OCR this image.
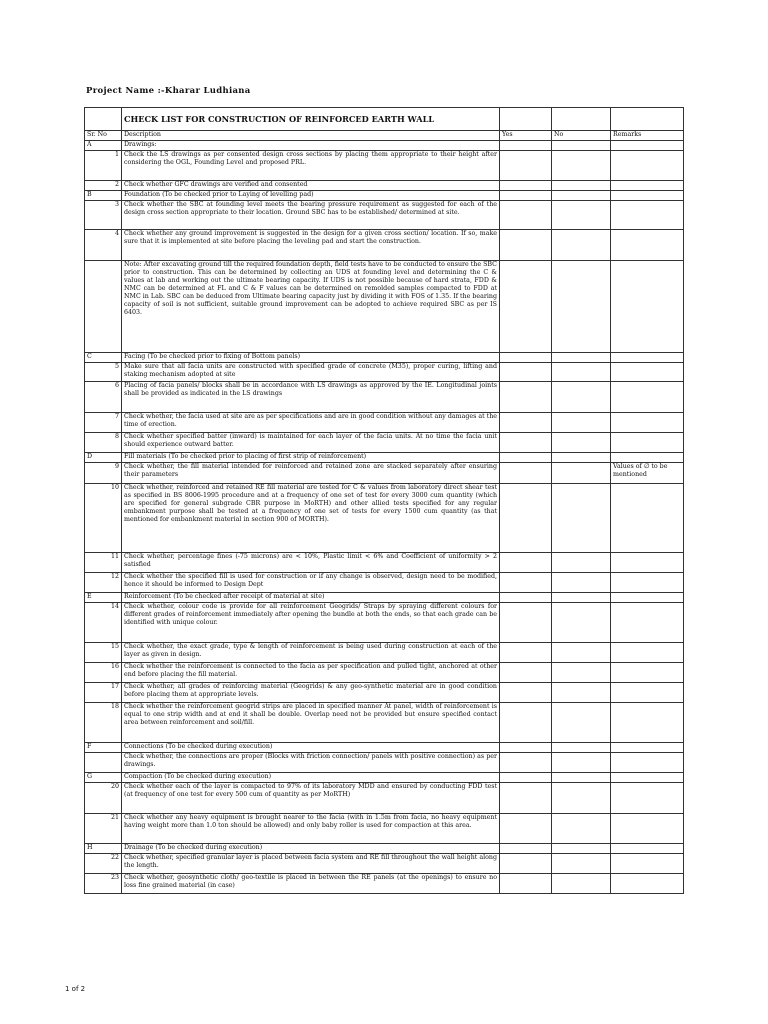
Project Name :-Kharar Ludhiana
	CHECK LIST FOR CONSTRUCTION OF REINFORCED EARTH WALL			
Sr. No	Description	Yes	No	Remarks
A	Drawings:			
1	Check the LS drawings as per consented design cross sections by placing them appropriate to their height after considering the OGL, Founding Level and proposed PRL.			
2	Check whether GFC drawings are verified and consented			
B	Foundation (To be checked prior to Laying of levelling pad)			
3	Check whether the SBC at founding level meets the bearing pressure requirement as suggested for each of the design cross section appropriate to their location. Ground SBC has to be established/ determined at site.			
4	Check whether any ground improvement is suggested in the design for a given cross section/ location. If so, make sure that it is implemented at site before placing the leveling pad and start the construction.			
	Note: After excavating ground till the required foundation depth, field tests have to be conducted to ensure the SBC prior to construction. This can be determined by collecting an UDS at founding level and determining the C & values at lab and working out the ultimate bearing capacity. If UDS is not possible because of hard strata, FDD & NMC can be determined at FL and C & F values can be determined on remolded samples compacted to FDD at NMC in Lab. SBC can be deduced from Ultimate bearing capacity just by dividing it with FOS of 1.35. If the bearing capacity of soil is not sufficient, suitable ground improvement can be adopted to achieve required SBC as per IS 6403.			
C	Facing (To be checked prior to fixing of Bottom panels)			
5	Make sure that all facia units are constructed with specified grade of concrete (M35), proper curing, lifting and staking mechanism adopted at site			
6	Placing of facia panels/ blocks shall be in accordance with LS drawings as approved by the IE. Longitudinal joints shall be provided as indicated in the LS drawings			
7	Check whether, the facia used at site are as per specifications and are in good condition without any damages at the time of erection.			
8	Check whether specified batter (inward) is maintained for each layer of the facia units. At no time the facia unit should experience outward batter.			
D	Fill materials (To be checked prior to placing of first strip of reinforcement)			
9	Check whether, the fill material intended for reinforced and retained zone are stacked separately after ensuring their parameters			Values of ∅ to be mentioned
10	Check whether, reinforced and retained RE fill material are tested for C & values from laboratory direct shear test as specified in BS 8006-1995 procedure and at a frequency of one set of test for every 3000 cum quantity (which are specified for general subgrade CBR purpose in MoRTH) and other allied tests specified for any regular embankment purpose shall be tested at a frequency of one set of tests for every 1500 cum quantity (as that mentioned for embankment material in section 900 of MORTH).			
11	Check whether, percentage fines (-75 microns) are < 10%, Plastic limit < 6% and Coefficient of uniformity > 2 satisfied			
12	Check whether the specified fill is used for construction or if any change is observed, design need to be modified, hence it should be informed to Design Dept			
E	Reinforcement (To be checked after receipt of material at site)			
14	Check whether, colour code is provide for all reinforcement Geogrids/ Straps by spraying different colours for different grades of reinforcement immediately after opening the bundle at both the ends, so that each grade can be identified with unique colour.			
15	Check whether, the exact grade, type & length of reinforcement is being used during construction at each of the layer as given in design.			
16	Check whether the reinforcement is connected to the facia as per specification and pulled tight, anchored at other end before placing the fill material.			
17	Check whether, all grades of reinforcing material (Geogrids) & any geo-synthetic material are in good condition before placing them at appropriate levels.			
18	Check whether the reinforcement geogrid strips are placed in specified manner At panel, width of reinforcement is equal to one strip width and at end it shall be double. Overlap need not be provided but ensure specified contact area between reinforcement and soil/fill.			
F	Connections (To be checked during execution)			
	Check whether, the connections are proper (Blocks with friction connection/ panels with positive connection) as per drawings.			
G	Compaction (To be checked during execution)			
20	Check whether each of the layer is compacted to 97% of its laboratory MDD and ensured by conducting FDD test (at frequency of one test for every 500 cum of quantity as per MoRTH)			
21	Check whether any heavy equipment is brought nearer to the facia (with in 1.5m from facia, no heavy equipment having weight more than 1.0 ton should be allowed) and only baby roller is used for compaction at this area.			
H	Drainage (To be checked during execution)			
22	Check whether, specified granular layer is placed between facia system and RE fill throughout the wall height along the length.			
23	Check whether, geosynthetic cloth/ geo-textile is placed in between the RE panels (at the openings) to ensure no loss fine grained material (in case)			
1 of 2
